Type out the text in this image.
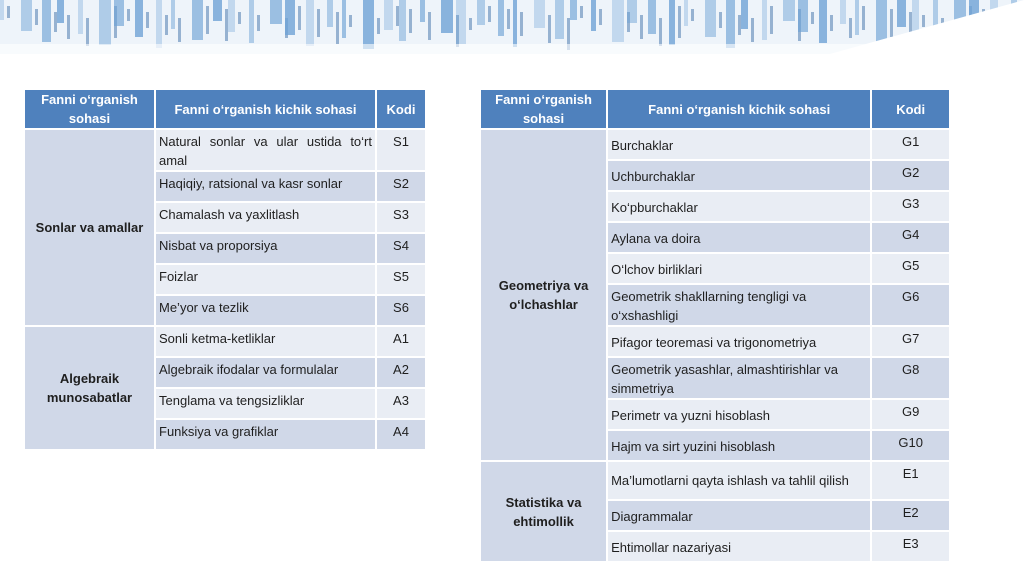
Fanni o‘rganish sohasi	Fanni o‘rganish kichik sohasi	Kodi
Sonlar va amallar	Natural sonlar va ular ustida to‘rt amal	S1
	Haqiqiy, ratsional va kasr sonlar	S2
	Chamalash va yaxlitlash	S3
	Nisbat va proporsiya	S4
	Foizlar	S5
	Me’yor va tezlik	S6
Algebraik munosabatlar	Sonli ketma-ketliklar	A1
	Algebraik ifodalar va formulalar	A2
	Tenglama va tengsizliklar	A3
	Funksiya va grafiklar	A4
Fanni o‘rganish sohasi	Fanni o‘rganish kichik sohasi	Kodi
Geometriya va o‘lchashlar	Burchaklar	G1
	Uchburchaklar	G2
	Ko‘pburchaklar	G3
	Aylana va doira	G4
	O‘lchov birliklari	G5
	Geometrik shakllarning tengligi va o‘xshashligi	G6
	Pifagor teoremasi va trigonometriya	G7
	Geometrik yasashlar, almashtirishlar va simmetriya	G8
	Perimetr va yuzni hisoblash	G9
	Hajm va sirt yuzini hisoblash	G10
Statistika va ehtimollik	Ma’lumotlarni qayta ishlash va tahlil qilish	E1
	Diagrammalar	E2
	Ehtimollar nazariyasi	E3
